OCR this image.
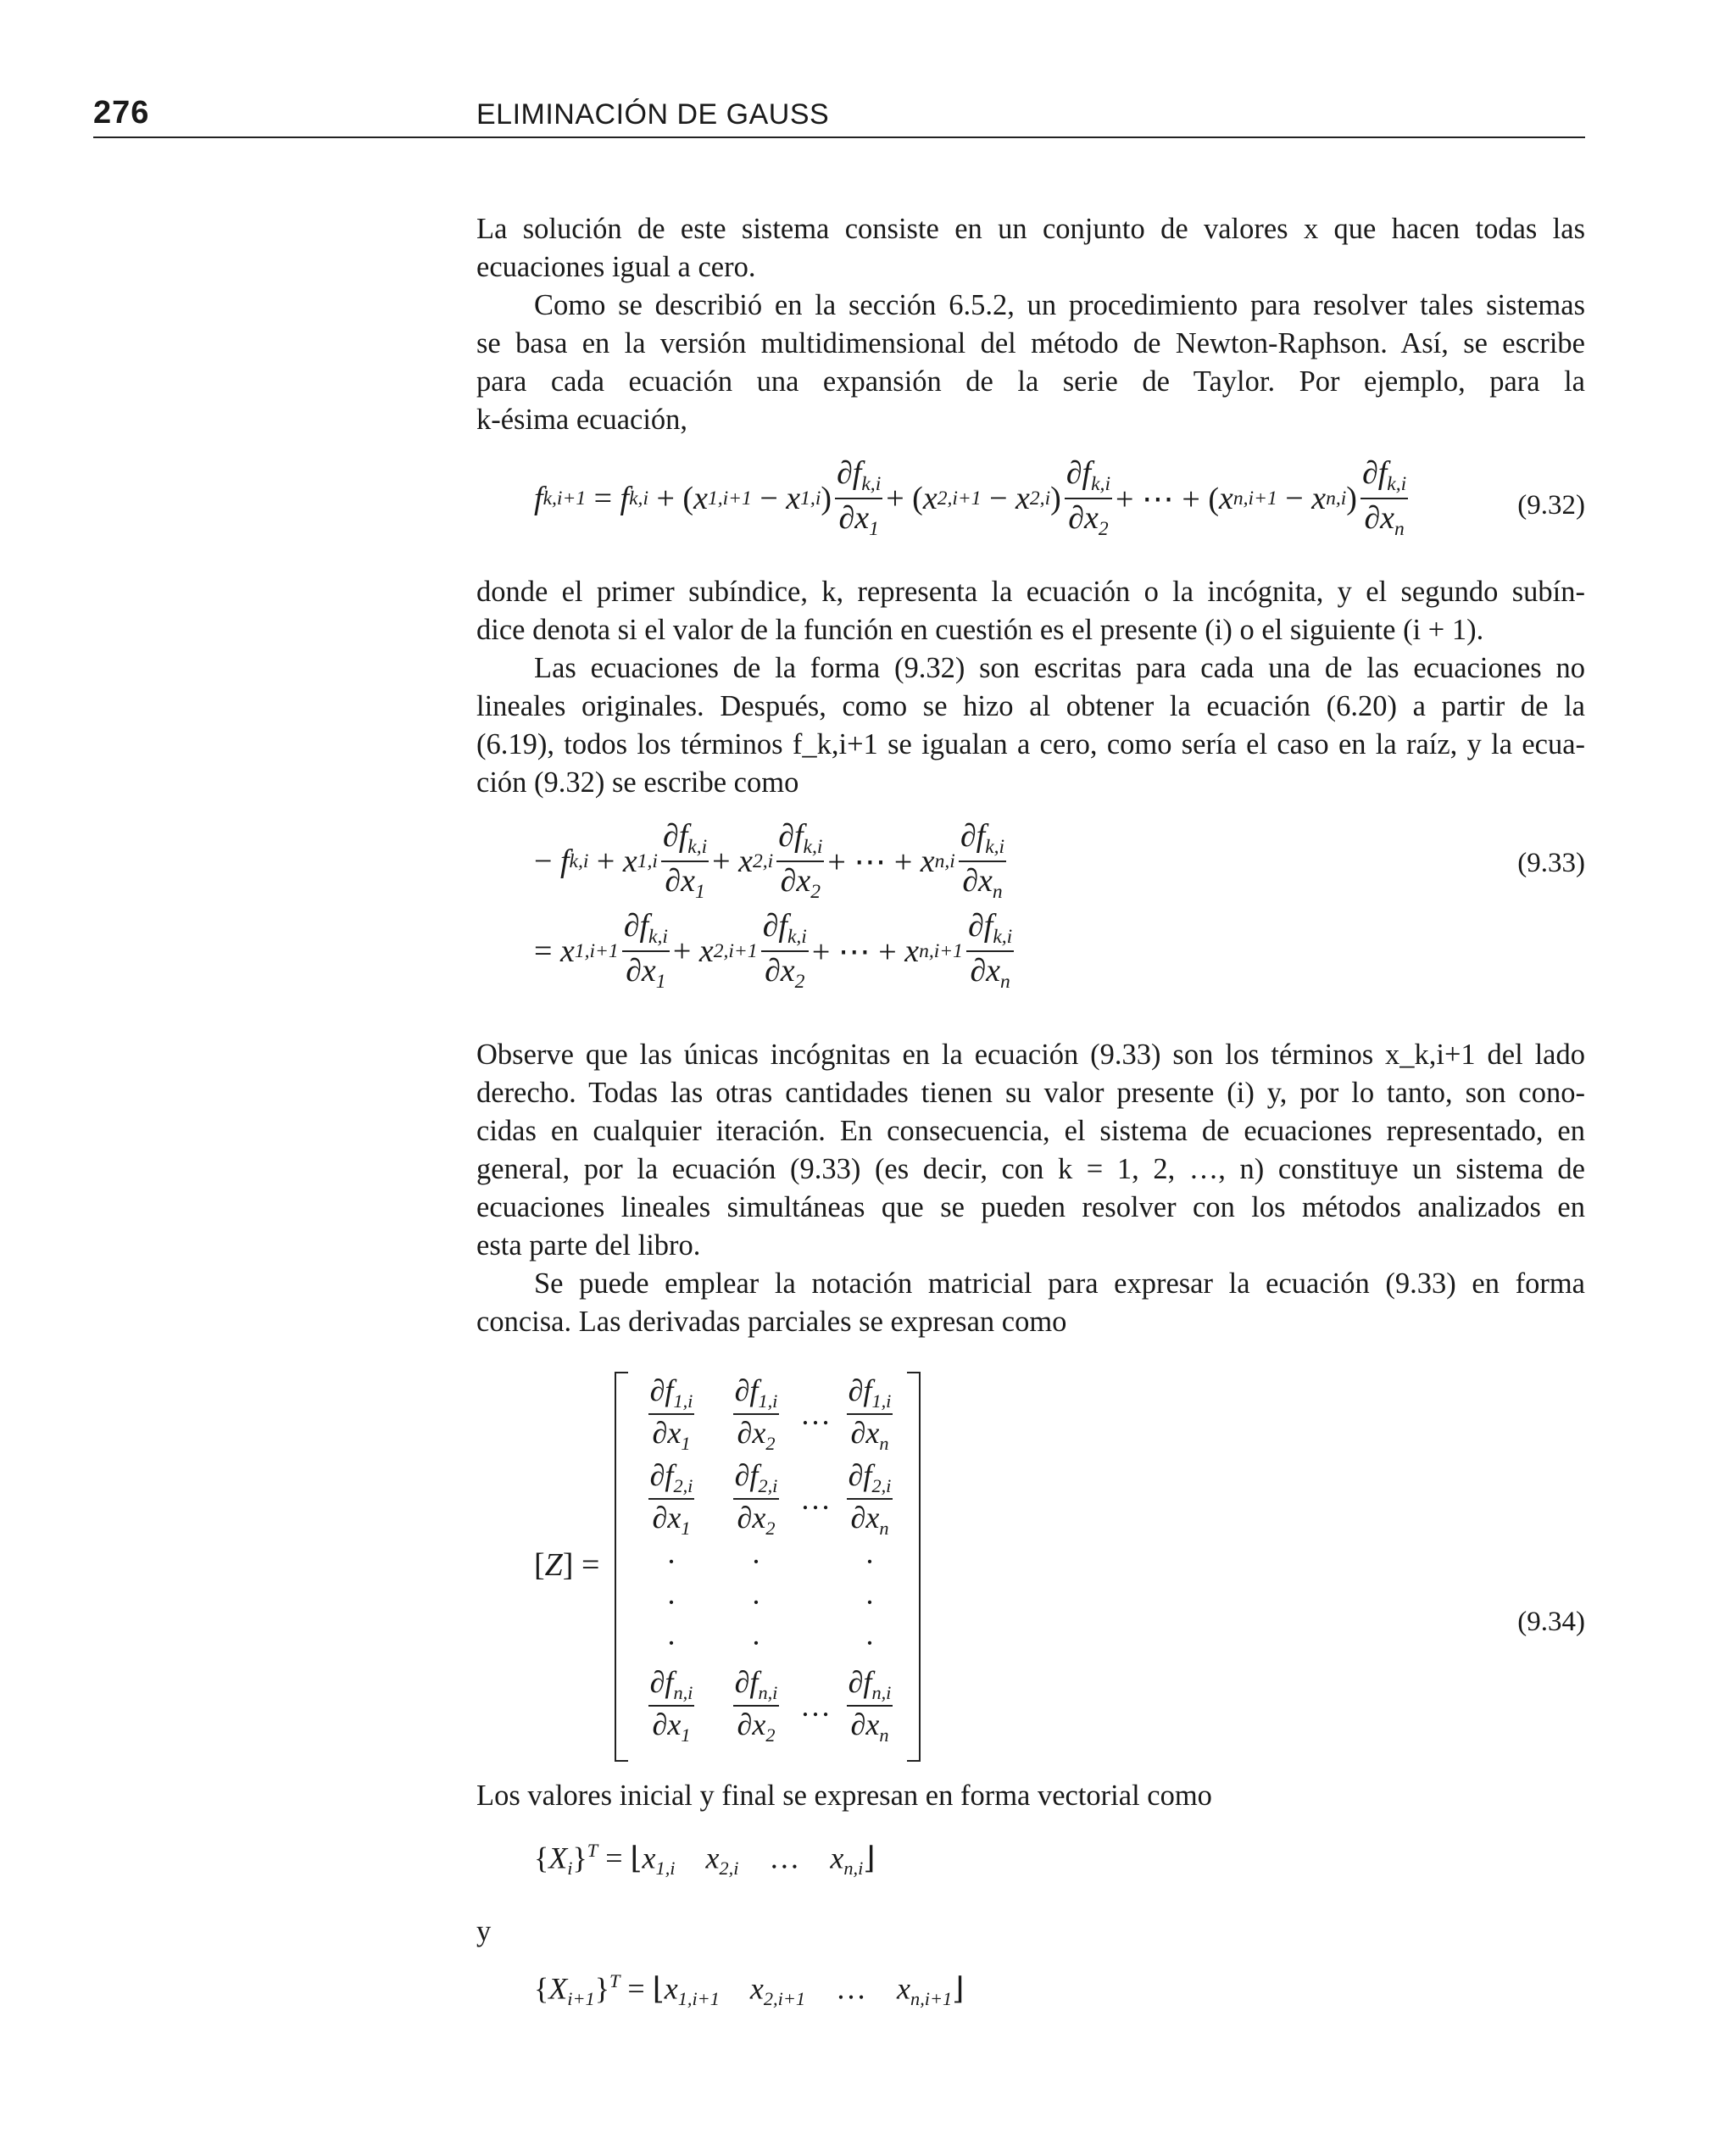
276	ELIMINACIÓN DE GAUSS
La solución de este sistema consiste en un conjunto de valores x que hacen todas las
ecuaciones igual a cero.
Como se describió en la sección 6.5.2, un procedimiento para resolver tales sistemas
se basa en la versión multidimensional del método de Newton-Raphson. Así, se escribe
para cada ecuación una expansión de la serie de Taylor. Por ejemplo, para la
k-ésima ecuación,
f k,i+1 = f k,i + ( x 1,i+1 − x 1,i ) $\frac{\partial f_{k,i}}{\partial x_1}$ + ( x 2,i+1 − x 2,i ) $\frac{\partial f_{k,i}}{\partial x_2}$ + ⋯ + ( x n,i+1 − x n,i ) $\frac{\partial f_{k,i}}{\partial x_n}$	(9.32)
donde el primer subíndice, k, representa la ecuación o la incógnita, y el segundo subín-
dice denota si el valor de la función en cuestión es el presente (i) o el siguiente (i + 1).
Las ecuaciones de la forma (9.32) son escritas para cada una de las ecuaciones no
lineales originales. Después, como se hizo al obtener la ecuación (6.20) a partir de la
(6.19), todos los términos f_k,i+1 se igualan a cero, como sería el caso en la raíz, y la ecua-
ción (9.32) se escribe como
− f k,i + x $1,i \frac{\partial f_{k,i}}{\partial x_1} + x$ $2,i \frac{\partial f_{k,i}}{\partial x_2}$ + ⋯ + x $n,i \frac{\partial f_{k,i}}{\partial x_n}$
= x $1,i+1 \frac{\partial f_{k,i}}{\partial x_1} + x$ $2,i+1 \frac{\partial f_{k,i}}{\partial x_2}$ + ⋯ + x $n,i+1 \frac{\partial f_{k,i}}{\partial x_n}$
(9.33)
Observe que las únicas incógnitas en la ecuación (9.33) son los términos x_k,i+1 del lado
derecho. Todas las otras cantidades tienen su valor presente (i) y, por lo tanto, son cono-
cidas en cualquier iteración. En consecuencia, el sistema de ecuaciones representado, en
general, por la ecuación (9.33) (es decir, con k = 1, 2, …, n) constituye un sistema de
ecuaciones lineales simultáneas que se pueden resolver con los métodos analizados en
esta parte del libro.
Se puede emplear la notación matricial para expresar la ecuación (9.33) en forma
concisa. Las derivadas parciales se expresan como
[Z] =
$\frac{\partial f_{1,i}}{\partial x_1} \frac{\partial f_{1,i}}{\partial x_2}$ … $\frac{\partial f_{1,i}}{\partial x_n}$
$\frac{\partial f_{2,i}}{\partial x_1} \frac{\partial f_{2,i}}{\partial x_2}$ … $\frac{\partial f_{2,i}}{\partial x_n}$
·	·	·
·	·	·
·	·	·
$\frac{\partial f_{n,i}}{\partial x_1} \frac{\partial f_{n,i}}{\partial x_2}$ … $\frac{\partial f_{n,i}}{\partial x_n}$
(9.34)
Los valores inicial y final se expresan en forma vectorial como
$\{X_i\}^T$ = $⌊x_{1,i}$ $x_{2,i}$    …    $x_{n,i}⌋$
y
$\{X_{i+1}\}^T$ = $⌊x_{1,i+1}$ $x_{2,i+1}$    …    $x_{n,i+1}⌋$
